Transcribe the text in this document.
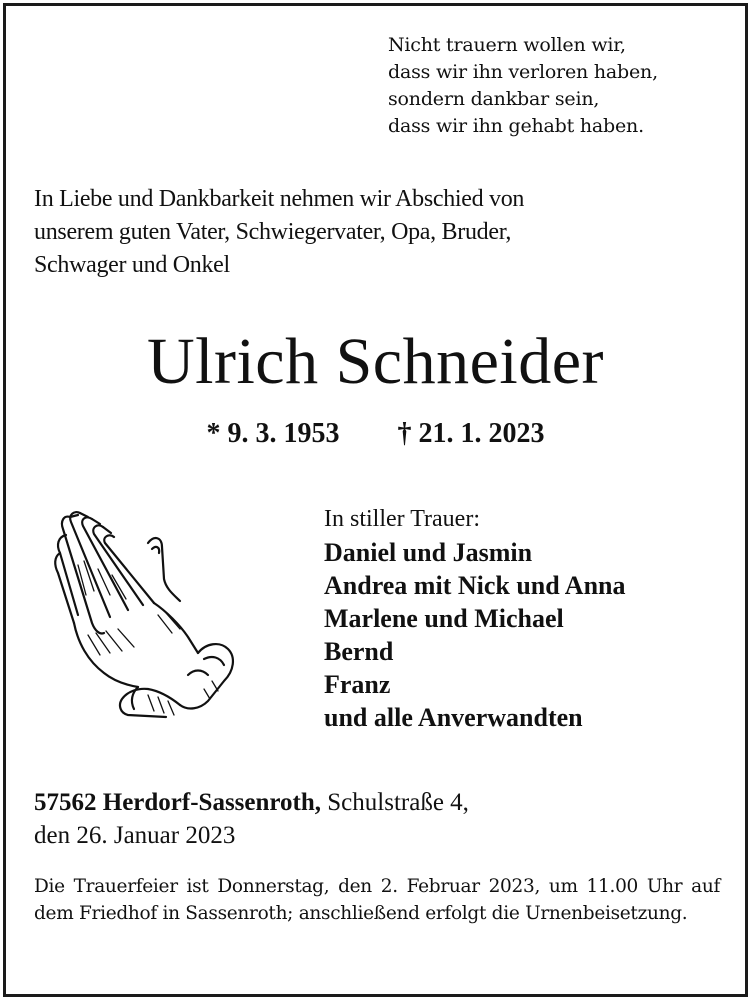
Nicht trauern wollen wir,
dass wir ihn verloren haben,
sondern dankbar sein,
dass wir ihn gehabt haben.
In Liebe und Dankbarkeit nehmen wir Abschied von
unserem guten Vater, Schwiegervater, Opa, Bruder,
Schwager und Onkel
Ulrich Schneider
* 9. 3. 1953 † 21. 1. 2023
In stiller Trauer:
Daniel und Jasmin
Andrea mit Nick und Anna
Marlene und Michael
Bernd
Franz
und alle Anverwandten
57562 Herdorf-Sassenroth, Schulstraße 4,
den 26. Januar 2023
Die Trauerfeier ist Donnerstag, den 2. Februar 2023, um 11.00 Uhr auf dem Friedhof in Sassenroth; anschließend erfolgt die Urnenbeisetzung.
